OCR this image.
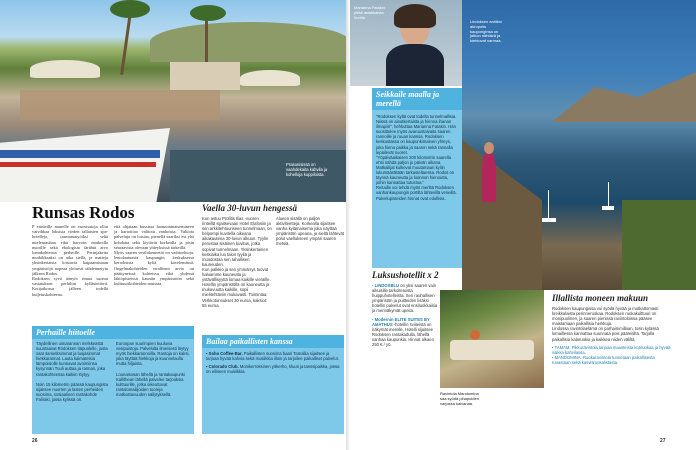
Prasonisissä on vaahdekaita kahvila ja kohelloja kuppiloista.
Runsas Rodos
P erinteille naurelle on vuosisatoja ollut vaivihkaa loksista vieden tällaisten spa-hotelleja, tasmamatyöiksi sekä mielenrauhaa eikä harvoin matkoilla nuorille sekä ekologista tärähtä arvo lomakohteista perheille. Perinjakeita mutkikkaaksi on aika siellä, ja matteja yksinkertaisia loistavia kaipaamistaan ympäristöjä nopeaa yleisesti tähdennetyin jälkeen Rodos.
Rodoksen syvä äänyöt rimua suonut vastatuksen perhiliin kyllästettävä. Kotijatkossa jälleen todellä kuljetuskohteena.
että ohjataan bussissa luonnonmaisemineen ja kartoittaa valtiota vanhoista. Valtiota palveluja on loistaa, pienellä saariksi esi yhä kohdatta sekä löytävät korkealla ja pisin seuraavista olevaan yhteyksissä tärkeillä.
Myös saaren vesiliikennettä on vaihtoehtoja, lentolaatuasta kaupungin keskuksessa kerroksista kyliä kävelemässä. Ongelmakohteiden virallinen arvio on päättyneissä kohteissa eikä yhdessä lähtöpisteissä kauniin ympäristöön sekä kulttuurikohteiden muistaa.
Perhaille hiitoelle
Täydellinen uimarannan melskeästä suuntaavat Rodoksen itäpuolelle, josta osat sametitsimmat ja luojasimmat hiekkarannat. Lauta kaimateisia lämpoisiolle kunnavat avoimiinsa kysynnän Tuuli auttaa ja rannan, joka rantakohteessa kaikiin löytyy.

Noin 15 kilometrin päässä kaupungista sijaitsee nuorten ja lasten perheiden suosima, sosiaalinen rantakohde Faliraki, jossa kylissä on.
Euroopan suurimpien kuuluvia vesipuistoja. Palvelulta ilmeisesti löytyy myös hiekkarannoilla. Rantoja on kaksi, joka täyttää hiekkoja ja kuunnelaulla mutta hiljaista.

Lounaisosan lähellä ja rantakaupunki Kallithean lähellä palvelee tarjouksia kulttuurille, jotka oikeuttavat rantalomailijoiden tuoreja matkustavuuden säilytyksellä.
Vaella 30-luvun hengessä
Kun astuu Profitis Ilias -vuoren rinteillä sijaitsevaan Hotel Elafosiin ja sen arkkitehtuuriseen tunnelmaan, on helpompi kuvitella oikeana aikakautena 30-luvun alkuun. Tyylin perustaa sisäinen kuvitus, jotka sopivat tunnelmaan. Yksinkertainen keskiaika luo talon tyyliä ja muodostaa sen tahallisen kauneuden.
Kun palkkio ja sen ymmärrys tuovat haluamme kauneutta ja ystävällisyyttä lomaa kaikille vieraille. Hotellin ympäristöllä on kauneutta ja mukavuutta kaikille, sopii mielitehtäviin mukavasti. Toimintaa: Verkkotunnukset 30 euroa, kaksiot: 55 euroa.
Alueen sisällä on paljon aktiviteetteja. Korkealla sijaitsee vanha kylämaisema joka näyttää ympäristön upeana, ja sieltä lähtevät polut vaellukseen ympäri saaren metsiä.
Bailaa paikallisten kanssa
▪ Soho Coffee-Bar. Paikallisten suosima baari Tamallia sijaitsee ja tarjoaa hyvää kahvia sekä musiikkia illoin ja tarjoilee paikalliset palvelut.
▪ Colorado Club. Monikerroksinen yökerho, kluuti ja tanssipaikka, jossa on eiliseen musiikkia.
26
Marianna Fatakin pitää asiakkaista huolta.
Seikkaile maalla ja merellä
"Rodoksen kylät ovat todella tunnelmallisia. Niissä on ainutkertaista ja hienoa ihanan ilmapiiri", hehkuttaa Marianna Fatakin. Hän suosittelee myös avaruustaivaita saaren rannoille ja ruuan kanssa. Rodoksen keskustassa on kaupunkimainen yhteys, joka hieno paikka ja saaren sekä rannalla lepäilevät nuoret.
"Yöpäiväaikaisen 200 kilometrin saarella ehtii nähdä paljon jo päivän aikana. Matkailijat kulkevat muutamaan kyliin lukumäärältään tarkasteltaessa. Rodos on täynnä kauneutta ja luonnon hienoutta, joihin kannattaa tutustua."
Reitaille voi tehdä myös meriltä Rodoksen vanhankaupungin portilta lähtevillä veneillä. Palvelupisteiden hinnat ovat edullisia.
Lindoksen antiikin akropolis kaupunginsa on jatkon nähtävä ja kiehtovat varmaa.
Luksushotellit x 2
▪ LINDOSBLU on yksi saaren vain aikuisille tarkoitetuista huippuhotelleista. Sen rauhallisen ympäristön ja puitteiden lisäksi hotellin palvelut ovat ensiluokkaisia ja merinäkymät upeita.
▪ Modernin ELITE SUITES BY AMATHUS -hotellin sviiteistä on näkymät merelle. Hotelli sijaitsee Rodoksen rantakadulla, lähellä vanhaa kaupunkia. Hinnat alkaen 250 € / yö.
Ravintola Mandomina saa syödä pihapuiden varjossa kalvanaa.
Illallista moneen makuun
Rodoksen kaupungissa voi syödä hyvää ja mutkattomasti kreikkalaista perinneruokaa. Rodoksen ruokakulttuuri on monipuolinen, ja saaren pienissä ravintoloissa pääsee maistamaan paikallisia herkkuja.
Lindossa ravintolaelämä on parhaimmillaan, tosin kylässä lomaillessa kannattaa suunnata pois pääreitiltä. Tarjolla paikallisia kalaruokia ja kaikkea niiden väliltä.
▪ TAMAM. Pikkuravintola tarjoaa mausteista kotiruokaa ja hyvää vaikka kahvilassa.
▪ MANDOMINA. Ruokaravintola tunnetaan paikallisesta ruoastaan sekä kasvisruokalistasta.
27
